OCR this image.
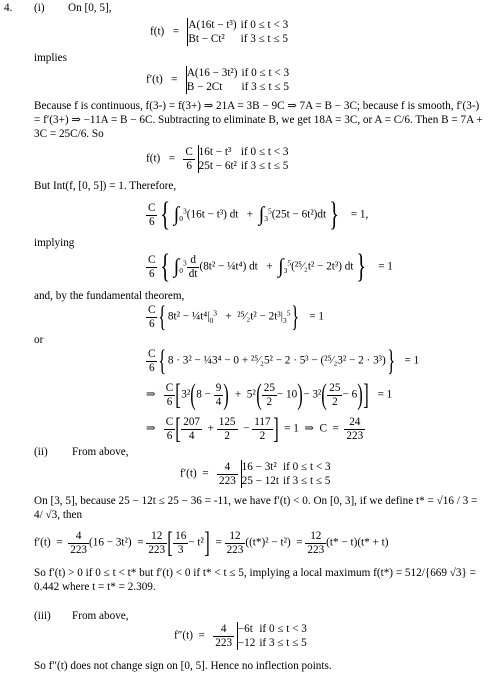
4. (i) On [0, 5],
f(t) =   A(16t − t³)	if 0 ≤ t < 3
Bt − Ct²	if 3 ≤ t ≤ 5
implies
f′(t) =   A(16 − 3t²)	if 0 ≤ t < 3
B − 2Ct	if 3 ≤ t ≤ 5
Because f is continuous, f(3-) = f(3+) ⇒ 21A = 3B − 9C ⇒ 7A = B − 3C; because f is smooth, f′(3-) = f′(3+) ⇒ −11A = B − 6C. Subtracting to eliminate B, we get 18A = 3C, or A = C/6. Then B = 7A + 3C = 25C/6. So
$f(t) = \frac{C}{6} 16t - t^3$	if 0 ≤ t < 3
25t − 6t²	if 3 ≤ t ≤ 5
But Int(f, [0, 5]) = 1. Therefore,
$\frac{C}{6}$ { $\int_0^3(16t - t^3)$ dt + $\int_3^5(25t - 6t^2)dt\} = 1$,
implying
$\frac{C}{6}$ { $\int_0^3 \frac{d}{dt} (8t^2$ − ¼t⁴) dt + $\int_3^5(^{25}⁄_2t^2 - 2t^3) dt\} = 1$
and, by the fundamental theorem,
$\frac{C}{6} \{8t^2$ − $\frac{1}{4}t^4|_0^3$ + ²⁵⁄₂t² − $2t^3|_3^5\} = 1$
or
$\frac{C}{6} \{8 \cdot 3^2$ − ¼3⁴ − 0 + ²⁵⁄₂5² − 2 · 5³ − (²⁵⁄₂3² − 2 · 3³)} = 1
⇒ $\frac{C}{6} [3^2(8 - \frac{9}{4}$ ) + $5^2( \frac{25}{2} - 10)- 3^2( \frac{25}{2} - 6)] = 1$
⇒ $\frac{C}{6}$ [ $\frac{207}{4} + \frac{125}{2} - \frac{117}{2}$ ] = 1 ⇒ $C = \frac{24}{223}$
(ii) From above,
$f'(t) = \frac{4}{223} 16 - 3t^2$	if 0 ≤ t < 3
25 − 12t	if 3 ≤ t ≤ 5
On [3, 5], because 25 − 12t ≤ 25 − 36 = -11, we have f′(t) < 0. On [0, 3], if we define t* = √16 / 3 = 4/ √3, then
$f'(t) = \frac{4}{223} (16 - 3t^2) = \frac{12}{223}$ [ $\frac{16}{3} - t^2] = \frac{12}{223} ((t*)^2 - t^2) = \frac{12}{223} (t* - t)(t* + t)$
So f′(t) > 0 if 0 ≤ t < t* but f′(t) < 0 if t* < t ≤ 5, implying a local maximum f(t*) = 512/{669 √3} = 0.442 where t = t* = 2.309.
(iii) From above,
$f''(t) = \frac{4}{223} -6t$	if 0 ≤ t < 3
−12	if 3 ≤ t ≤ 5
So f″(t) does not change sign on [0, 5]. Hence no inflection points.
